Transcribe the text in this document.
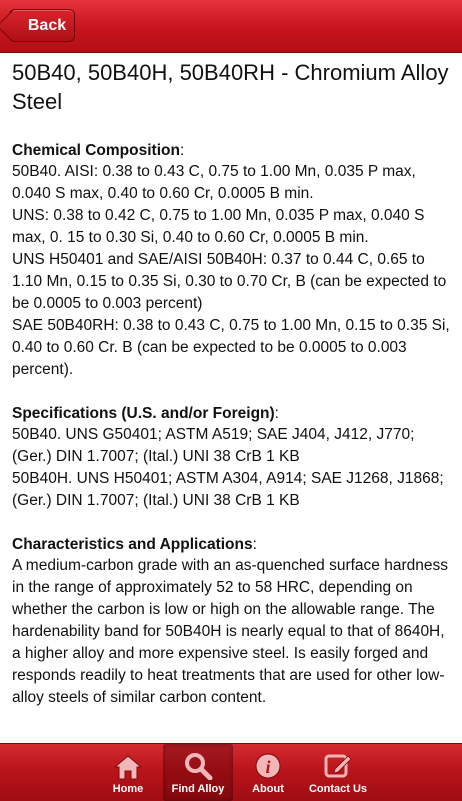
Back
50B40, 50B40H, 50B40RH - Chromium Alloy Steel
Chemical Composition:

50B40. AISI: 0.38 to 0.43 C, 0.75 to 1.00 Mn, 0.035 P max, 0.040 S max, 0.40 to 0.60 Cr, 0.0005 B min.

UNS: 0.38 to 0.42 C, 0.75 to 1.00 Mn, 0.035 P max, 0.040 S max, 0. 15 to 0.30 Si, 0.40 to 0.60 Cr, 0.0005 B min.

UNS H50401 and SAE/AISI 50B40H: 0.37 to 0.44 C, 0.65 to 1.10 Mn, 0.15 to 0.35 Si, 0.30 to 0.70 Cr, B (can be expected to be 0.0005 to 0.003 percent)

SAE 50B40RH: 0.38 to 0.43 C, 0.75 to 1.00 Mn, 0.15 to 0.35 Si, 0.40 to 0.60 Cr. B (can be expected to be 0.0005 to 0.003 percent).

Specifications (U.S. and/or Foreign):

50B40. UNS G50401; ASTM A519; SAE J404, J412, J770; (Ger.) DIN 1.7007; (Ital.) UNI 38 CrB 1 KB

50B40H. UNS H50401; ASTM A304, A914; SAE J1268, J1868; (Ger.) DIN 1.7007; (Ital.) UNI 38 CrB 1 KB

Characteristics and Applications:

A medium-carbon grade with an as-quenched surface hardness in the range of approximately 52 to 58 HRC, depending on whether the carbon is low or high on the allowable range. The hardenability band for 50B40H is nearly equal to that of 8640H, a higher alloy and more expensive steel. Is easily forged and responds readily to heat treatments that are used for other low-alloy steels of similar carbon content.

Home	Find Alloy
i
About Contact Us
